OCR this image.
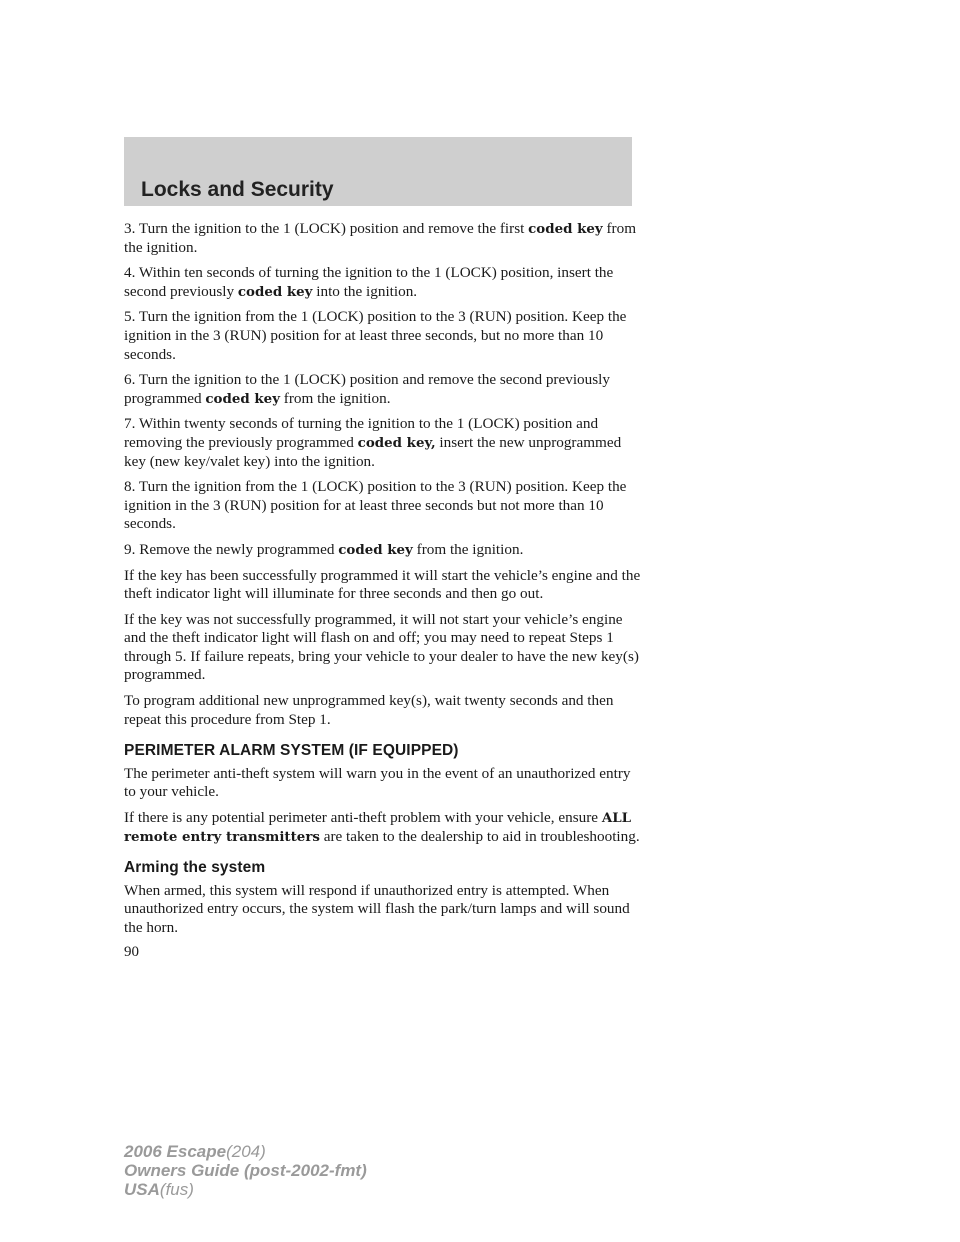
Locks and Security

3. Turn the ignition to the 1 (LOCK) position and remove the first coded key from the ignition.

4. Within ten seconds of turning the ignition to the 1 (LOCK) position, insert the second previously coded key into the ignition.

5. Turn the ignition from the 1 (LOCK) position to the 3 (RUN) position. Keep the ignition in the 3 (RUN) position for at least three seconds, but no more than 10 seconds.

6. Turn the ignition to the 1 (LOCK) position and remove the second previously programmed coded key from the ignition.

7. Within twenty seconds of turning the ignition to the 1 (LOCK) position and removing the previously programmed coded key, insert the new unprogrammed key (new key/valet key) into the ignition.

8. Turn the ignition from the 1 (LOCK) position to the 3 (RUN) position. Keep the ignition in the 3 (RUN) position for at least three seconds but not more than 10 seconds.

9. Remove the newly programmed coded key from the ignition.

If the key has been successfully programmed it will start the vehicle’s engine and the theft indicator light will illuminate for three seconds and then go out.

If the key was not successfully programmed, it will not start your vehicle’s engine and the theft indicator light will flash on and off; you may need to repeat Steps 1 through 5. If failure repeats, bring your vehicle to your dealer to have the new key(s) programmed.

To program additional new unprogrammed key(s), wait twenty seconds and then repeat this procedure from Step 1.

PERIMETER ALARM SYSTEM (IF EQUIPPED)

The perimeter anti-theft system will warn you in the event of an unauthorized entry to your vehicle.

If there is any potential perimeter anti-theft problem with your vehicle, ensure ALL remote entry transmitters are taken to the dealership to aid in troubleshooting.

Arming the system

When armed, this system will respond if unauthorized entry is attempted. When unauthorized entry occurs, the system will flash the park/turn lamps and will sound the horn.

90

2006 Escape(204)
Owners Guide (post-2002-fmt)
USA(fus)
